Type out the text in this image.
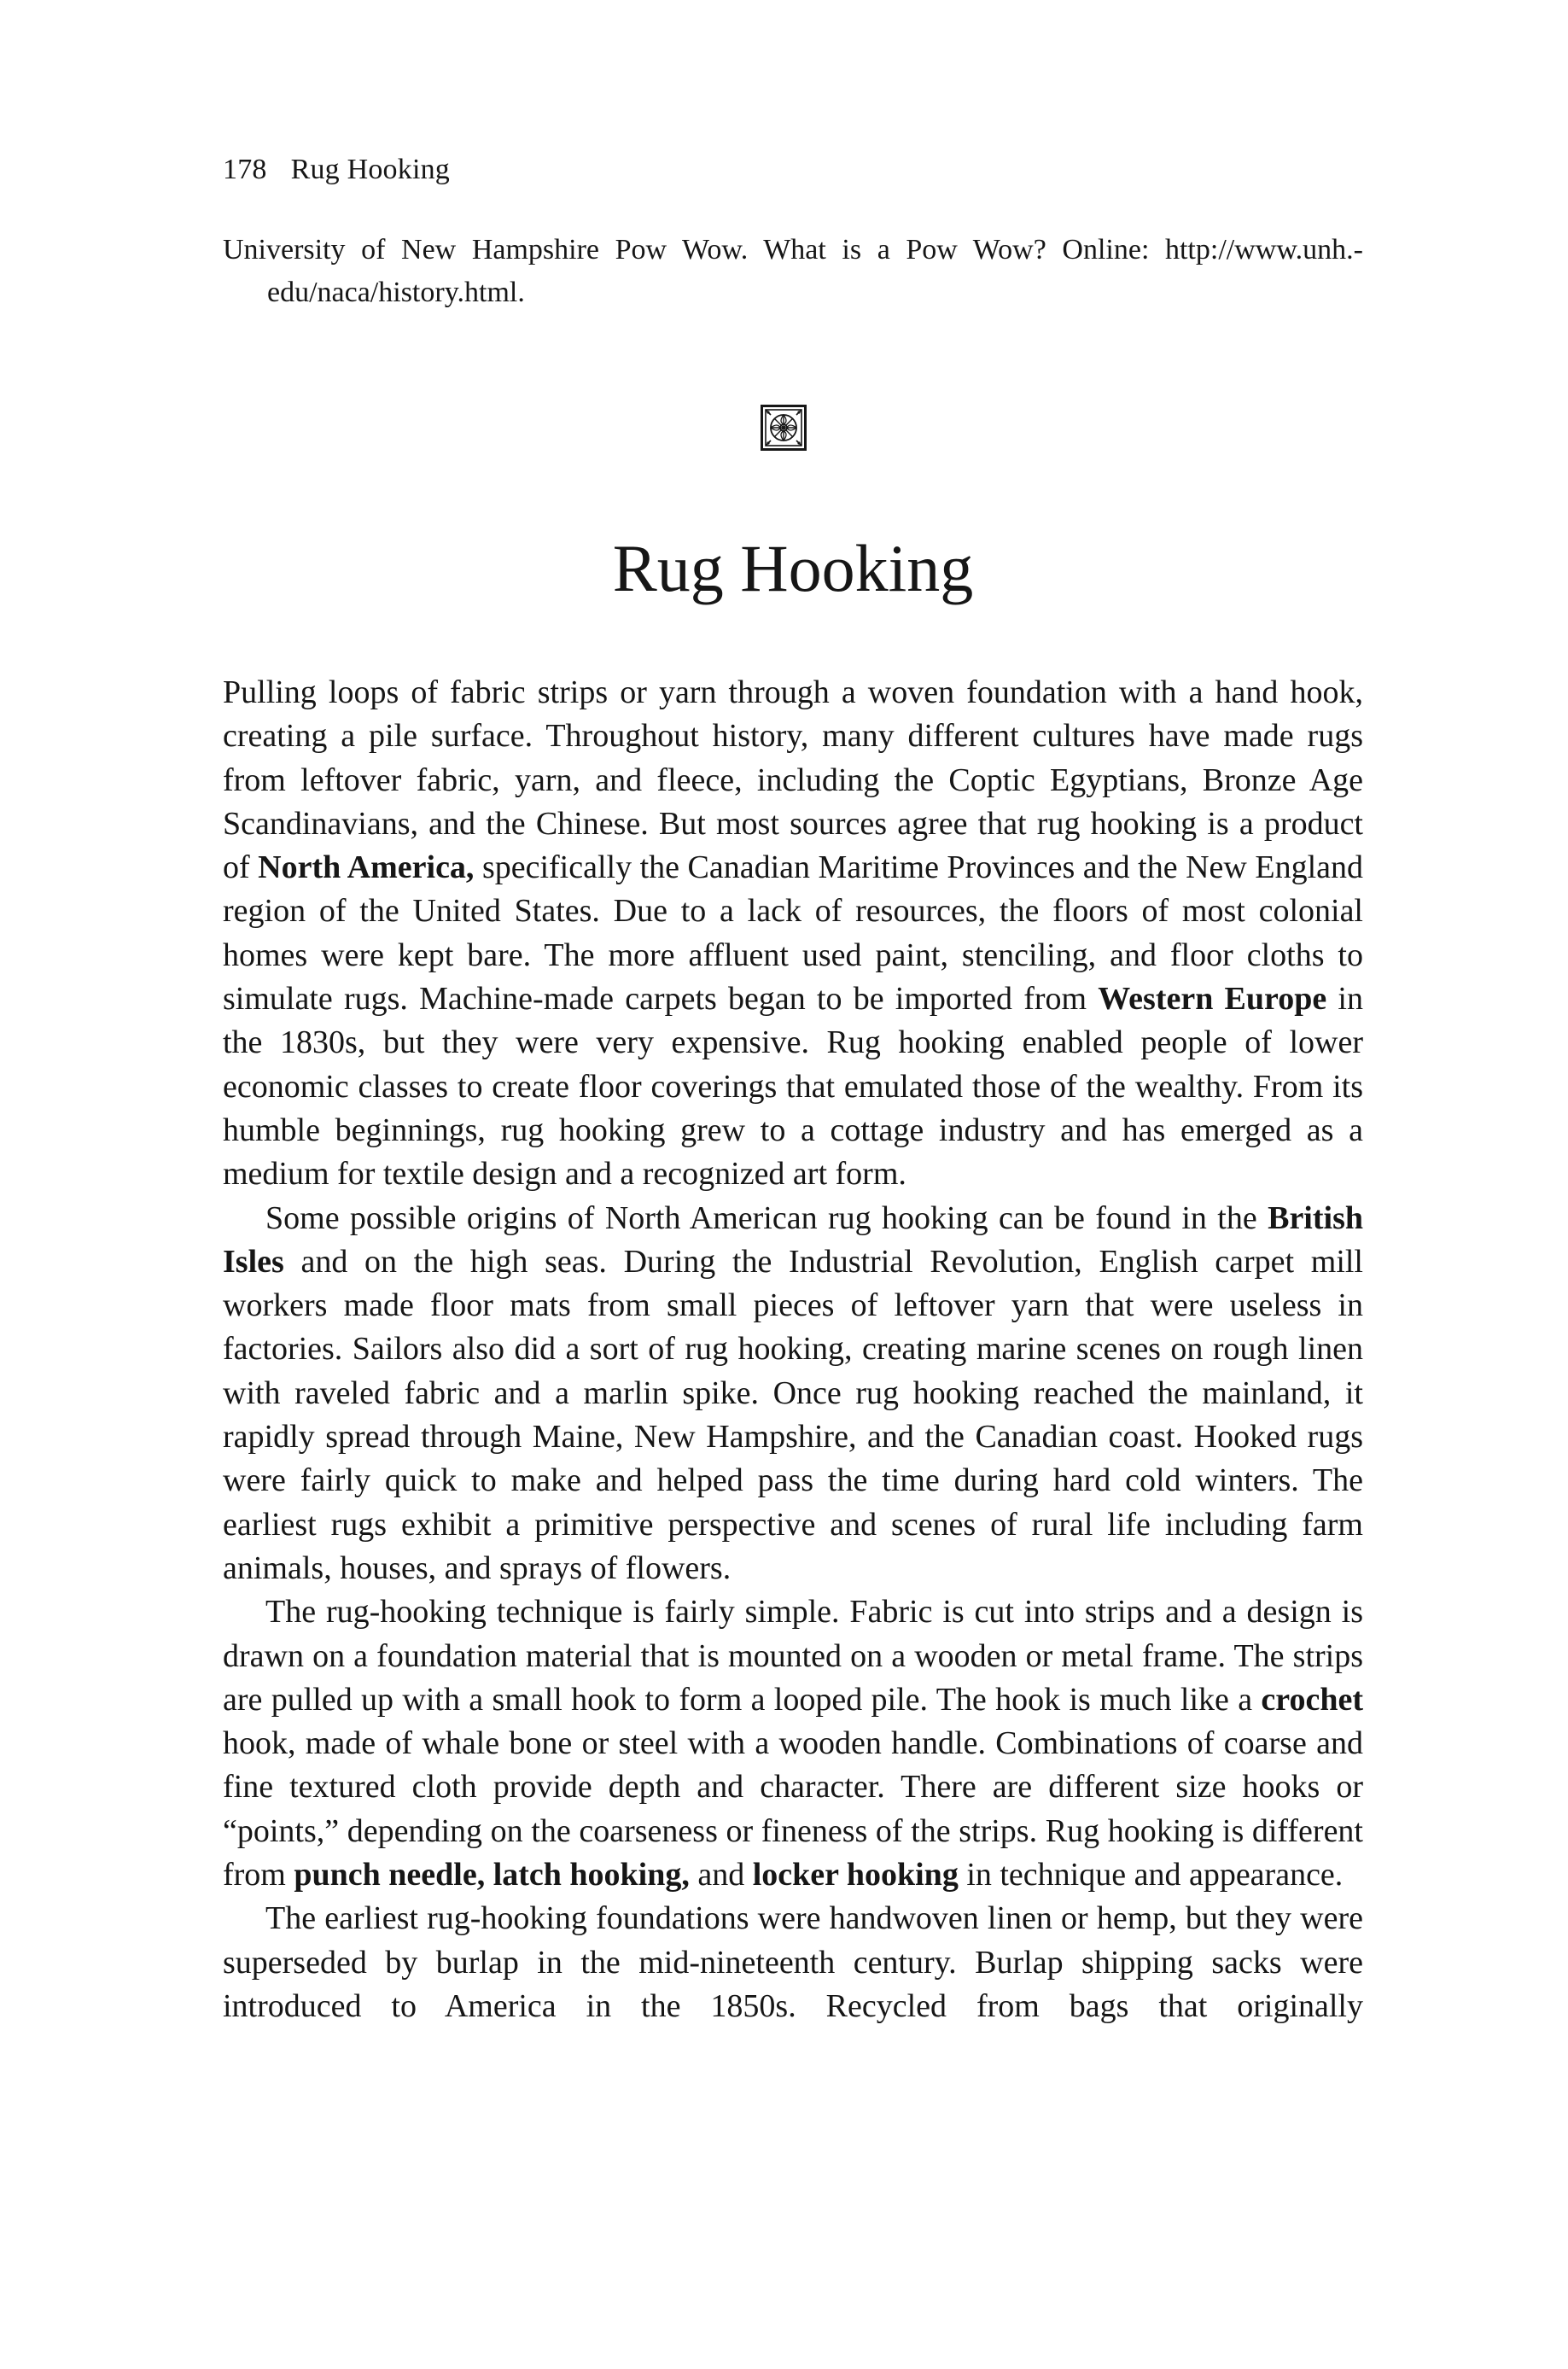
178 Rug Hooking
University of New Hampshire Pow Wow. What is a Pow Wow? Online: http://www.unh.edu/naca/history.html.
Rug Hooking

Pulling loops of fabric strips or yarn through a woven foundation with a hand hook, creating a pile surface. Throughout history, many different cultures have made rugs from leftover fabric, yarn, and fleece, including the Coptic Egyptians, Bronze Age Scandinavians, and the Chinese. But most sources agree that rug hooking is a product of North America, specifically the Canadian Maritime Provinces and the New England region of the United States. Due to a lack of resources, the floors of most colonial homes were kept bare. The more affluent used paint, stenciling, and floor cloths to simulate rugs. Machine-made carpets began to be imported from Western Europe in the 1830s, but they were very expensive. Rug hooking enabled people of lower economic classes to create floor coverings that emulated those of the wealthy. From its humble beginnings, rug hooking grew to a cottage industry and has emerged as a medium for textile design and a recognized art form.

Some possible origins of North American rug hooking can be found in the British Isles and on the high seas. During the Industrial Revolution, English carpet mill workers made floor mats from small pieces of leftover yarn that were useless in factories. Sailors also did a sort of rug hooking, creating marine scenes on rough linen with raveled fabric and a marlin spike. Once rug hooking reached the mainland, it rapidly spread through Maine, New Hampshire, and the Canadian coast. Hooked rugs were fairly quick to make and helped pass the time during hard cold winters. The earliest rugs exhibit a primitive perspective and scenes of rural life including farm animals, houses, and sprays of flowers.

The rug-hooking technique is fairly simple. Fabric is cut into strips and a design is drawn on a foundation material that is mounted on a wooden or metal frame. The strips are pulled up with a small hook to form a looped pile. The hook is much like a crochet hook, made of whale bone or steel with a wooden handle. Combinations of coarse and fine textured cloth provide depth and character. There are different size hooks or “points,” depending on the coarseness or fineness of the strips. Rug hooking is different from punch needle, latch hooking, and locker hooking in technique and appearance.

The earliest rug-hooking foundations were handwoven linen or hemp, but they were superseded by burlap in the mid-nineteenth century. Burlap shipping sacks were introduced to America in the 1850s. Recycled from bags that originally
